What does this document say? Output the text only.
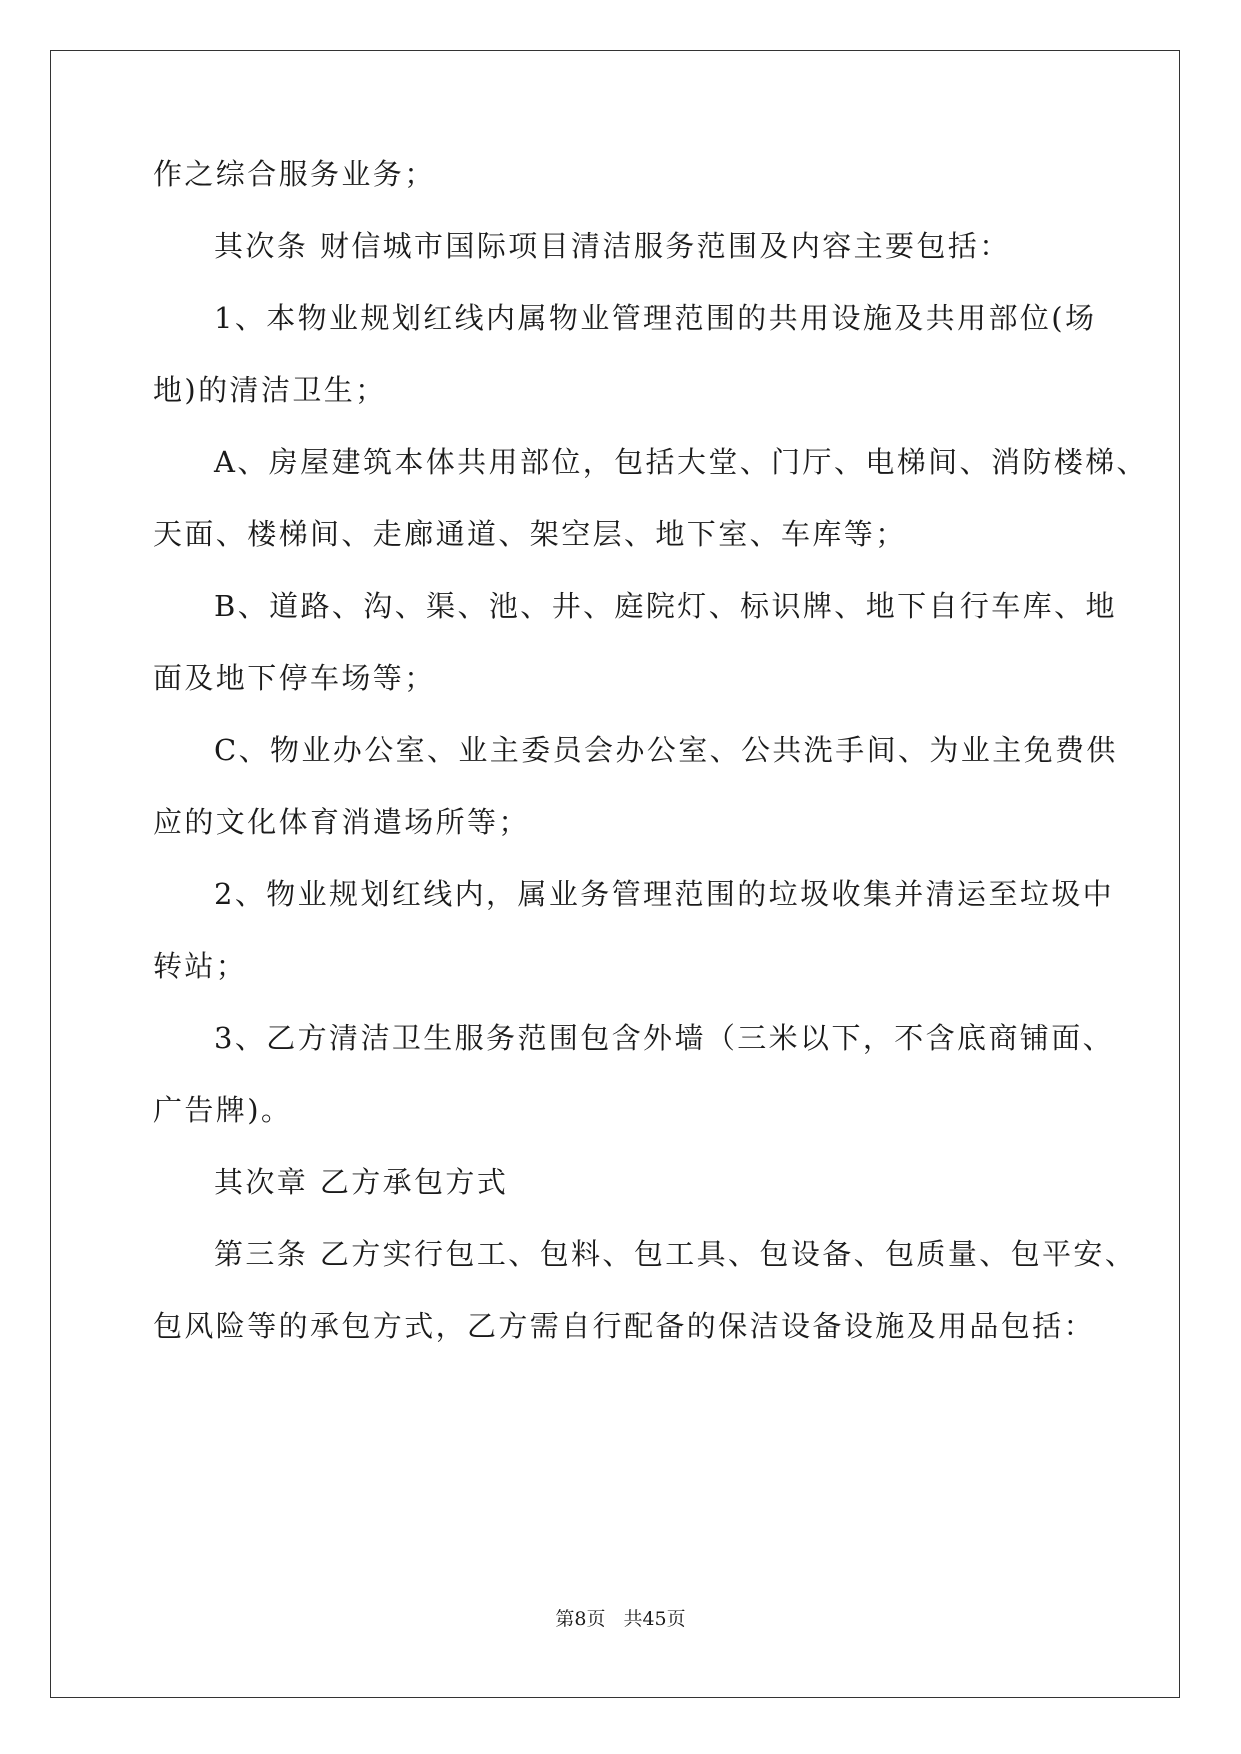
作之综合服务业务；
其次条 财信城市国际项目清洁服务范围及内容主要包括：
1、本物业规划红线内属物业管理范围的共用设施及共用部位(场
地)的清洁卫生；
A、房屋建筑本体共用部位，包括大堂、门厅、电梯间、消防楼梯、
天面、楼梯间、走廊通道、架空层、地下室、车库等；
B、道路、沟、渠、池、井、庭院灯、标识牌、地下自行车库、地
面及地下停车场等；
C、物业办公室、业主委员会办公室、公共洗手间、为业主免费供
应的文化体育消遣场所等；
2、物业规划红线内，属业务管理范围的垃圾收集并清运至垃圾中
转站；
3、乙方清洁卫生服务范围包含外墙（三米以下，不含底商铺面、
广告牌)。
其次章 乙方承包方式
第三条 乙方实行包工、包料、包工具、包设备、包质量、包平安、
包风险等的承包方式，乙方需自行配备的保洁设备设施及用品包括：
第8页 共45页
